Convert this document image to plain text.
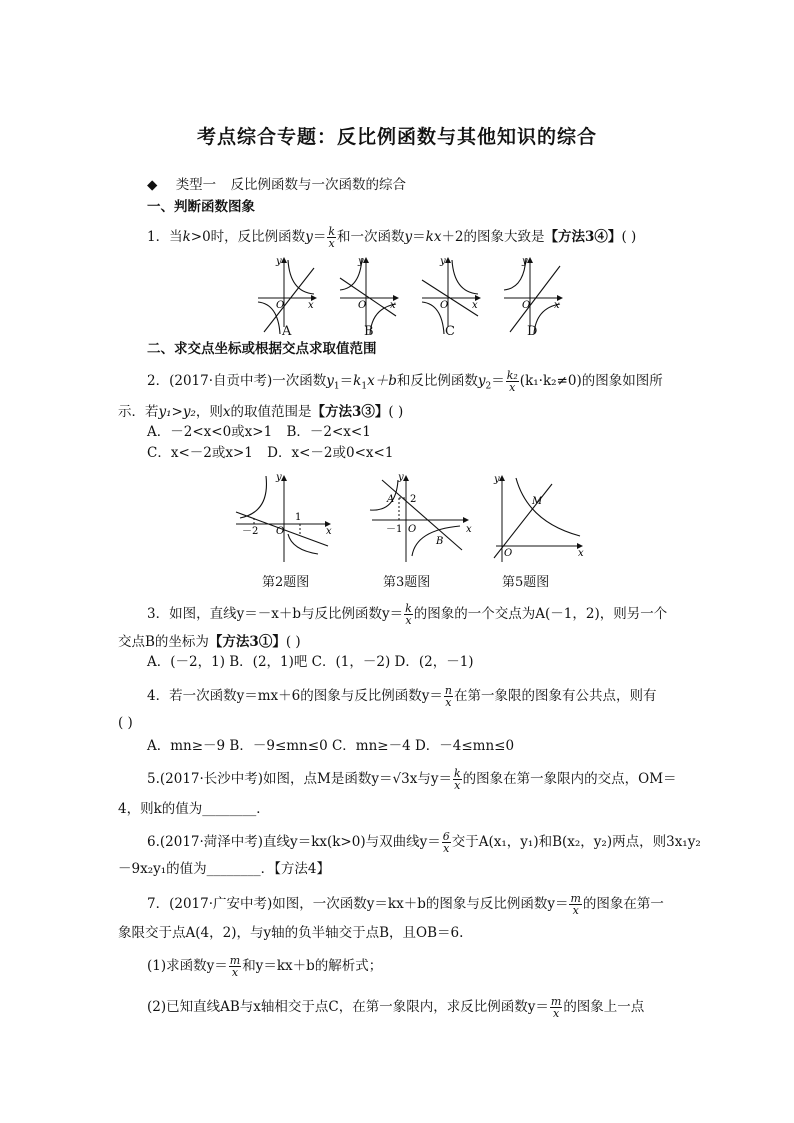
考点综合专题：反比例函数与其他知识的综合
◆ 类型一 反比例函数与一次函数的综合
一、判断函数图象
1．当k>0时，反比例函数$y= \frac{k}{x}$ 和一次函数y＝kx＋2的图象大致是【方法3④】( )
y
O x
y
O x
y
O x
y
O x
A	B	C	D
二、求交点坐标或根据交点求取值范围
2．(2017·自贡中考)一次函数$y_1=k_1x+b$和反比例函数$y_2= \frac{\text{k₂}}{x} (k_1\cdot k_2\ne 0)$的图象如图所
示．若y₁>y₂，则x的取值范围是【方法3③】( )
A．－2<x<0或x>1 B．－2<x<1
C．x<－2或x>1 D．x<－2或0<x<1
y
x
O
－2
1
y
x
O
A
B
2
－1
y
x
O
M
第2题图	第3题图	第5题图
3．如图，直线y＝－x＋b与反比例函数$y= \frac{k}{x}$ 的图象的一个交点为A(－1，2)，则另一个
交点B的坐标为【方法3①】( )
A．(－2，1) B．(2，1)吧 C．(1，－2) D．(2，－1)
4．若一次函数y＝mx＋6的图象与反比例函数$y= \frac{n}{x}$ 在第一象限的图象有公共点，则有
( )
A．mn≥－9 B．－9≤mn≤0 C．mn≥－4 D．－4≤mn≤0
5.(2017·长沙中考)如图，点M是函数y＝√3x与$y= \frac{k}{x}$ 的图象在第一象限内的交点，OM＝
4，则k的值为________．
6.(2017·菏泽中考)直线y＝kx(k>0)与双曲线$y= \frac{6}{x}$ 交于A(x₁，y₁)和B(x₂，y₂)两点，则3x₁y₂
－9x₂y₁的值为________．【方法4】
7．(2017·广安中考)如图，一次函数y＝kx＋b的图象与反比例函数$y= \frac{m}{x}$ 的图象在第一
象限交于点A(4，2)，与y轴的负半轴交于点B，且OB＝6.
(1)求函数$y= \frac{m}{x}$ 和y＝kx＋b的解析式；
(2)已知直线AB与x轴相交于点C，在第一象限内，求反比例函数$y= \frac{m}{x}$ 的图象上一点
